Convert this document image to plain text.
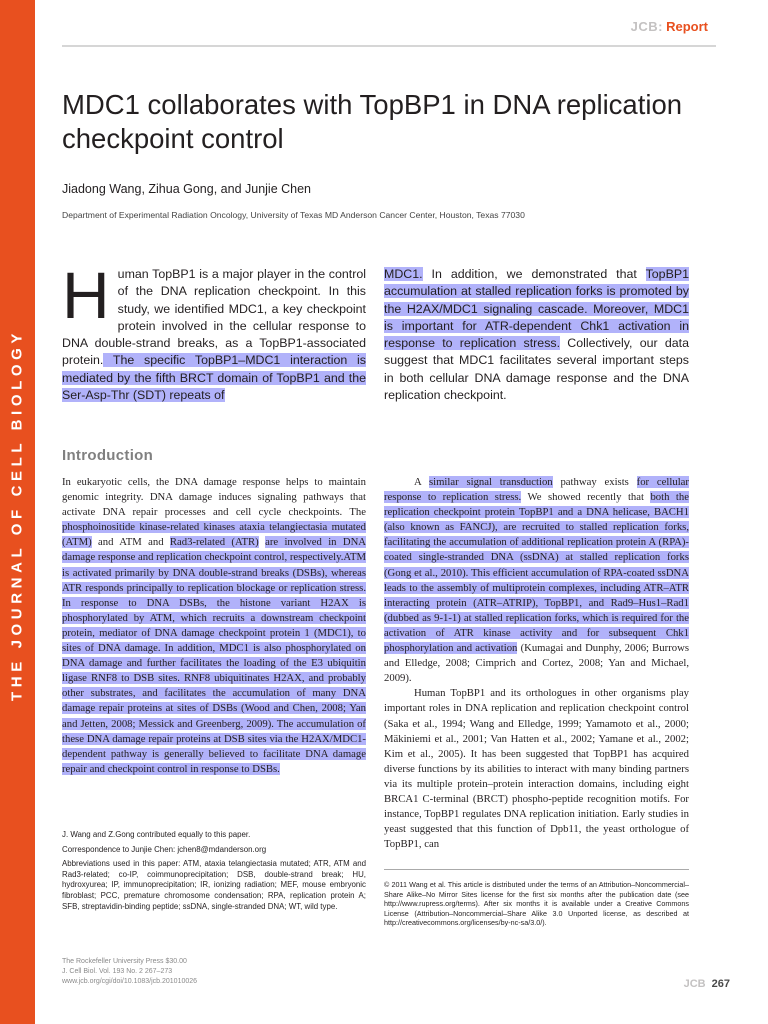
THE JOURNAL OF CELL BIOLOGY
JCB: Report
MDC1 collaborates with TopBP1 in DNA replication checkpoint control
Jiadong Wang, Zihua Gong, and Junjie Chen
Department of Experimental Radiation Oncology, University of Texas MD Anderson Cancer Center, Houston, Texas 77030
Human TopBP1 is a major player in the control of the DNA replication checkpoint. In this study, we identified MDC1, a key checkpoint protein involved in the cellular response to DNA double-strand breaks, as a TopBP1-associated protein. The specific TopBP1–MDC1 interaction is mediated by the fifth BRCT domain of TopBP1 and the Ser-Asp-Thr (SDT) repeats of
MDC1. In addition, we demonstrated that TopBP1 accumulation at stalled replication forks is promoted by the H2AX/MDC1 signaling cascade. Moreover, MDC1 is important for ATR-dependent Chk1 activation in response to replication stress. Collectively, our data suggest that MDC1 facilitates several important steps in both cellular DNA damage response and the DNA replication checkpoint.
Introduction

In eukaryotic cells, the DNA damage response helps to maintain genomic integrity. DNA damage induces signaling pathways that activate DNA repair processes and cell cycle checkpoints. The phosphoinositide kinase-related kinases ataxia telangiectasia mutated (ATM) and ATM and Rad3-related (ATR) are involved in DNA damage response and replication checkpoint control, respectively.ATM is activated primarily by DNA double-strand breaks (DSBs), whereas ATR responds principally to replication blockage or replication stress. In response to DNA DSBs, the histone variant H2AX is phosphorylated by ATM, which recruits a downstream checkpoint protein, mediator of DNA damage checkpoint protein 1 (MDC1), to sites of DNA damage. In addition, MDC1 is also phosphorylated on DNA damage and further facilitates the loading of the E3 ubiquitin ligase RNF8 to DSB sites. RNF8 ubiquitinates H2AX, and probably other substrates, and facilitates the accumulation of many DNA damage repair proteins at sites of DSBs (Wood and Chen, 2008; Yan and Jetten, 2008; Messick and Greenberg, 2009). The accumulation of these DNA damage repair proteins at DSB sites via the H2AX/MDC1-dependent pathway is generally believed to facilitate DNA damage repair and checkpoint control in response to DSBs.

A similar signal transduction pathway exists for cellular response to replication stress. We showed recently that both the replication checkpoint protein TopBP1 and a DNA helicase, BACH1 (also known as FANCJ), are recruited to stalled replication forks, facilitating the accumulation of additional replication protein A (RPA)-coated single-stranded DNA (ssDNA) at stalled replication forks (Gong et al., 2010). This efficient accumulation of RPA-coated ssDNA leads to the assembly of multiprotein complexes, including ATR–ATR interacting protein (ATR–ATRIP), TopBP1, and Rad9–Hus1–Rad1 (dubbed as 9-1-1) at stalled replication forks, which is required for the activation of ATR kinase activity and for subsequent Chk1 phosphorylation and activation (Kumagai and Dunphy, 2006; Burrows and Elledge, 2008; Cimprich and Cortez, 2008; Yan and Michael, 2009).

Human TopBP1 and its orthologues in other organisms play important roles in DNA replication and replication checkpoint control (Saka et al., 1994; Wang and Elledge, 1999; Yamamoto et al., 2000; Mäkiniemi et al., 2001; Van Hatten et al., 2002; Yamane et al., 2002; Kim et al., 2005). It has been suggested that TopBP1 has acquired diverse functions by its abilities to interact with many binding partners via its multiple protein–protein interaction domains, including eight BRCA1 C-terminal (BRCT) phospho-peptide recognition motifs. For instance, TopBP1 regulates DNA replication initiation. Early studies in yeast suggested that this function of Dpb11, the yeast orthologue of TopBP1, can

J. Wang and Z.Gong contributed equally to this paper.

Correspondence to Junjie Chen: jchen8@mdanderson.org

Abbreviations used in this paper: ATM, ataxia telangiectasia mutated; ATR, ATM and Rad3-related; co-IP, coimmunoprecipitation; DSB, double-strand break; HU, hydroxyurea; IP, immunoprecipitation; IR, ionizing radiation; MEF, mouse embryonic fibroblast; PCC, premature chromosome condensation; RPA, replication protein A; SFB, streptavidin-binding peptide; ssDNA, single-stranded DNA; WT, wild type.

© 2011 Wang et al. This article is distributed under the terms of an Attribution–Noncommercial–Share Alike–No Mirror Sites license for the first six months after the publication date (see http://www.rupress.org/terms). After six months it is available under a Creative Commons License (Attribution–Noncommercial–Share Alike 3.0 Unported license, as described at http://creativecommons.org/licenses/by-nc-sa/3.0/).
The Rockefeller University Press $30.00
J. Cell Biol. Vol. 193 No. 2 267–273
www.jcb.org/cgi/doi/10.1083/jcb.201010026	JCB 267
